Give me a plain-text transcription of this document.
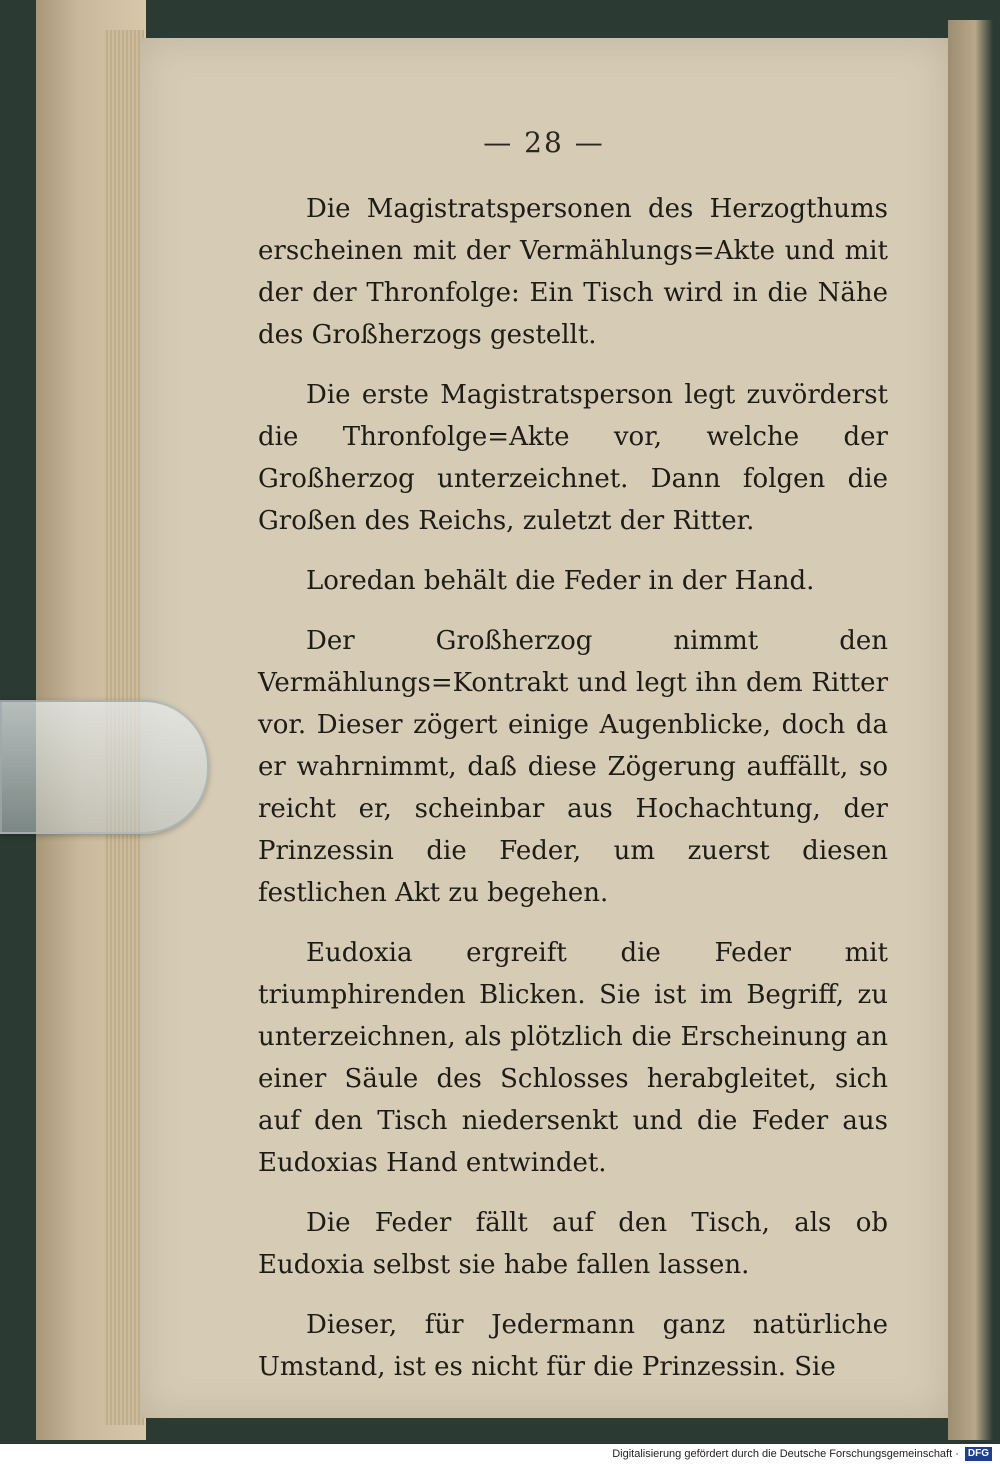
— 28 —

Die Magistratspersonen des Herzogthums erscheinen mit der Vermählungs=Akte und mit der der Thronfolge: Ein Tisch wird in die Nähe des Großherzogs gestellt.

Die erste Magistratsperson legt zuvörderst die Thronfolge=Akte vor, welche der Großherzog unterzeichnet. Dann folgen die Großen des Reichs, zuletzt der Ritter.

Loredan behält die Feder in der Hand.

Der Großherzog nimmt den Vermählungs=Kontrakt und legt ihn dem Ritter vor. Dieser zögert einige Augenblicke, doch da er wahrnimmt, daß diese Zögerung auffällt, so reicht er, scheinbar aus Hochachtung, der Prinzessin die Feder, um zuerst diesen festlichen Akt zu begehen.

Eudoxia ergreift die Feder mit triumphirenden Blicken. Sie ist im Begriff, zu unterzeichnen, als plötzlich die Erscheinung an einer Säule des Schlosses herabgleitet, sich auf den Tisch niedersenkt und die Feder aus Eudoxias Hand entwindet.

Die Feder fällt auf den Tisch, als ob Eudoxia selbst sie habe fallen lassen.

Dieser, für Jedermann ganz natürliche Umstand, ist es nicht für die Prinzessin. Sie

Digitalisierung gefördert durch die Deutsche Forschungsgemeinschaft · DFG
